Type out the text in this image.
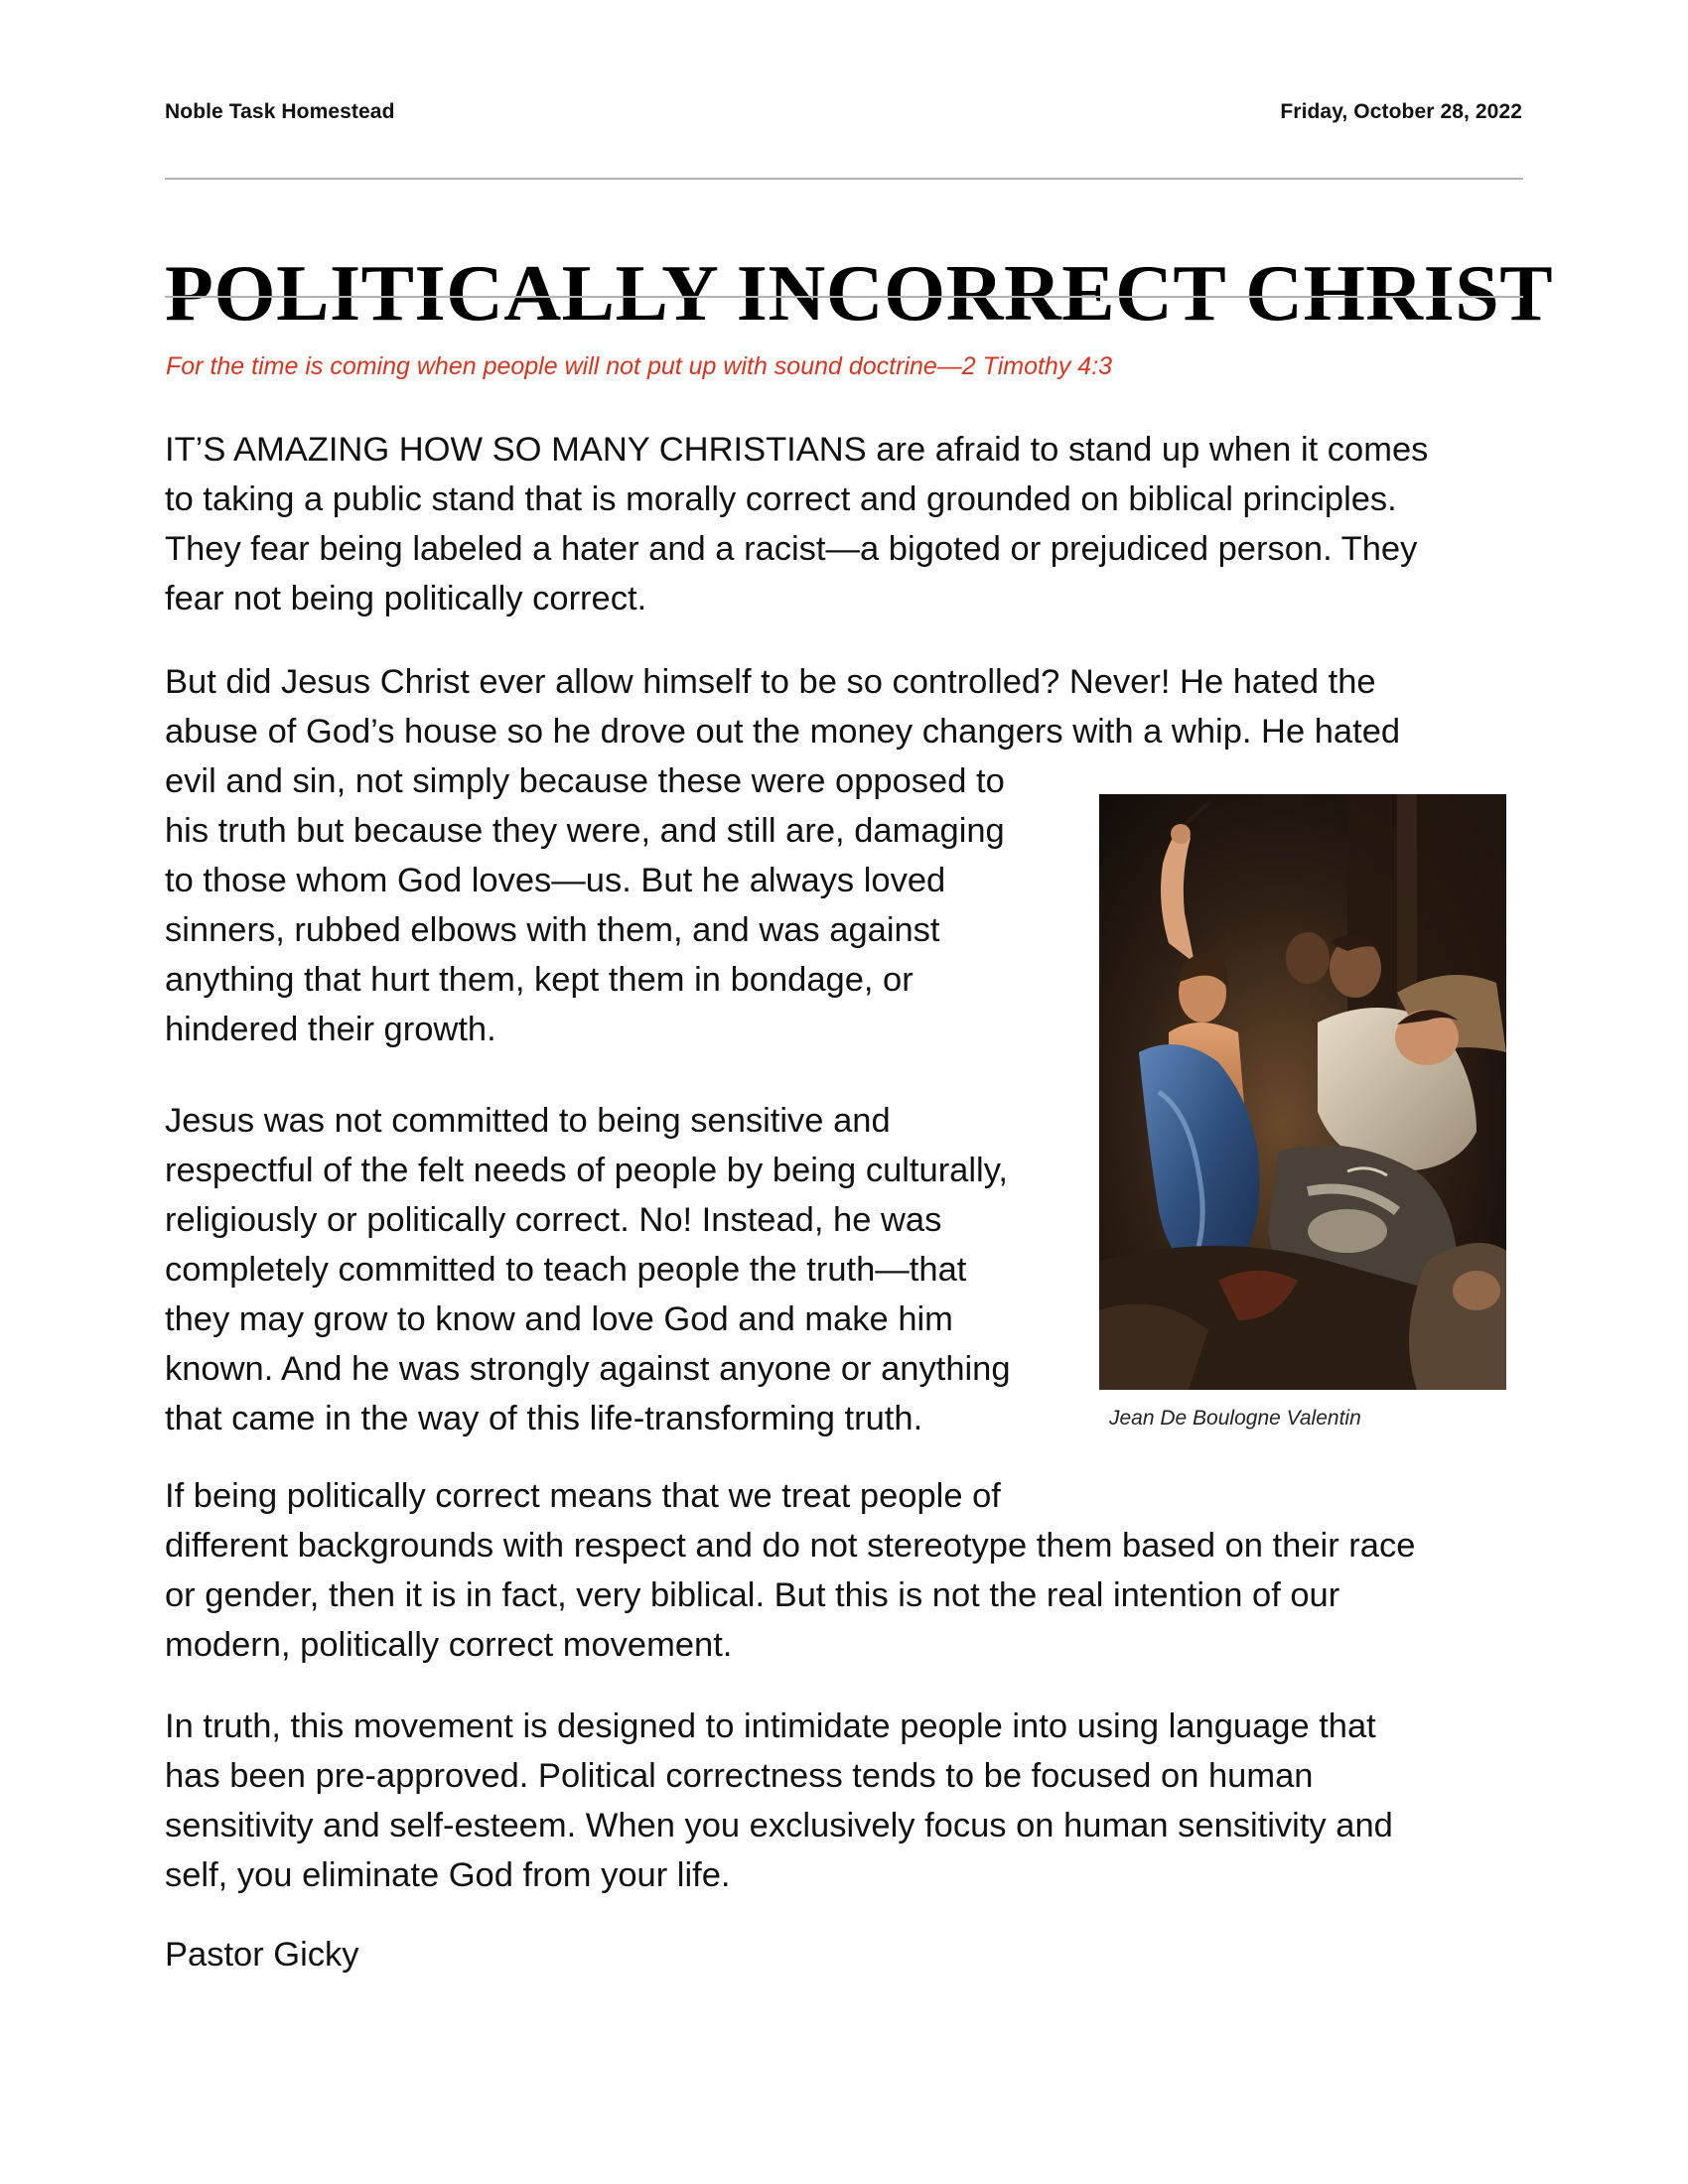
Noble Task Homestead	Friday, October 28, 2022
POLITICALLY INCORRECT CHRIST
For the time is coming when people will not put up with sound doctrine—2 Timothy 4:3

IT’S AMAZING HOW SO MANY CHRISTIANS are afraid to stand up when it comes
to taking a public stand that is morally correct and grounded on biblical principles.
They fear being labeled a hater and a racist—a bigoted or prejudiced person. They
fear not being politically correct.

But did Jesus Christ ever allow himself to be so controlled? Never! He hated the
abuse of God’s house so he drove out the money changers with a whip. He hated
evil and sin, not simply because these were opposed to
his truth but because they were, and still are, damaging
to those whom God loves—us. But he always loved
sinners, rubbed elbows with them, and was against
anything that hurt them, kept them in bondage, or
hindered their growth.

Jean De Boulogne Valentin

Jesus was not committed to being sensitive and
respectful of the felt needs of people by being culturally,
religiously or politically correct. No! Instead, he was
completely committed to teach people the truth—that
they may grow to know and love God and make him
known. And he was strongly against anyone or anything
that came in the way of this life-transforming truth.

If being politically correct means that we treat people of
different backgrounds with respect and do not stereotype them based on their race
or gender, then it is in fact, very biblical. But this is not the real intention of our
modern, politically correct movement.

In truth, this movement is designed to intimidate people into using language that
has been pre-approved. Political correctness tends to be focused on human
sensitivity and self-esteem. When you exclusively focus on human sensitivity and
self, you eliminate God from your life.

Pastor Gicky
